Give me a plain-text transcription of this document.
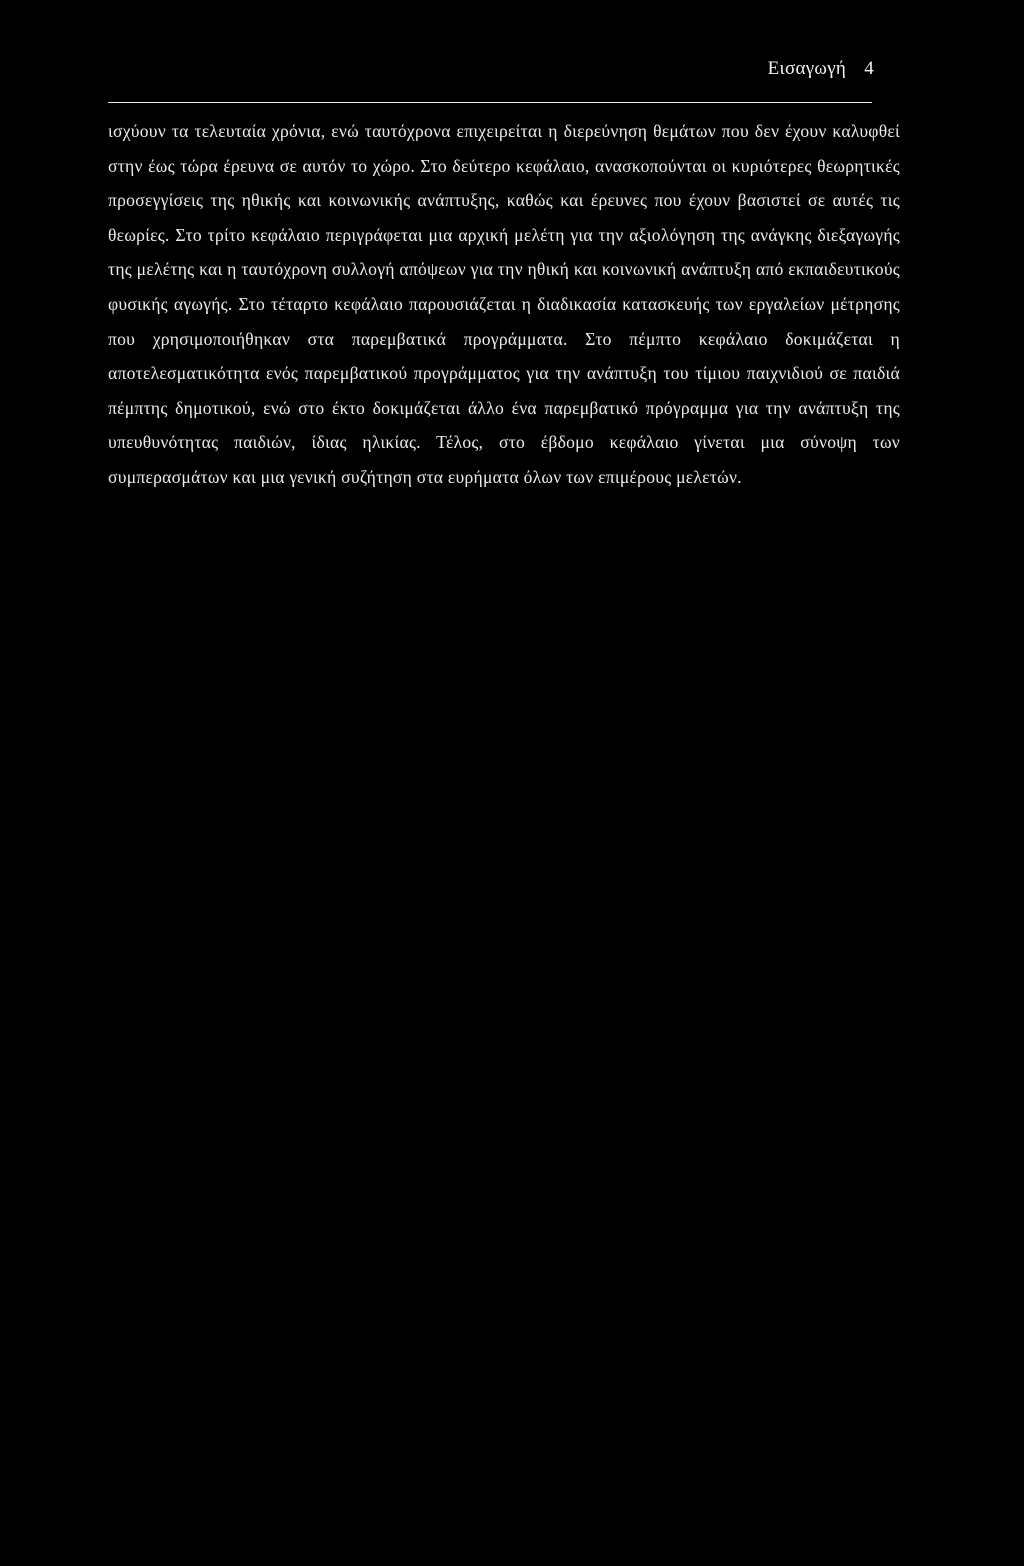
Εισαγωγή 4

ισχύουν τα τελευταία χρόνια, ενώ ταυτόχρονα επιχειρείται η διερεύνηση θεμάτων που δεν έχουν καλυφθεί στην έως τώρα έρευνα σε αυτόν το χώρο. Στο δεύτερο κεφάλαιο, ανασκοπούνται οι κυριότερες θεωρητικές προσεγγίσεις της ηθικής και κοινωνικής ανάπτυξης, καθώς και έρευνες που έχουν βασιστεί σε αυτές τις θεωρίες. Στο τρίτο κεφάλαιο περιγράφεται μια αρχική μελέτη για την αξιολόγηση της ανάγκης διεξαγωγής της μελέτης και η ταυτόχρονη συλλογή απόψεων για την ηθική και κοινωνική ανάπτυξη από εκπαιδευτικούς φυσικής αγωγής. Στο τέταρτο κεφάλαιο παρουσιάζεται η διαδικασία κατασκευής των εργαλείων μέτρησης που χρησιμοποιήθηκαν στα παρεμβατικά προγράμματα. Στο πέμπτο κεφάλαιο δοκιμάζεται η αποτελεσματικότητα ενός παρεμβατικού προγράμματος για την ανάπτυξη του τίμιου παιχνιδιού σε παιδιά πέμπτης δημοτικού, ενώ στο έκτο δοκιμάζεται άλλο ένα παρεμβατικό πρόγραμμα για την ανάπτυξη της υπευθυνότητας παιδιών, ίδιας ηλικίας. Τέλος, στο έβδομο κεφάλαιο γίνεται μια σύνοψη των συμπερασμάτων και μια γενική συζήτηση στα ευρήματα όλων των επιμέρους μελετών.
